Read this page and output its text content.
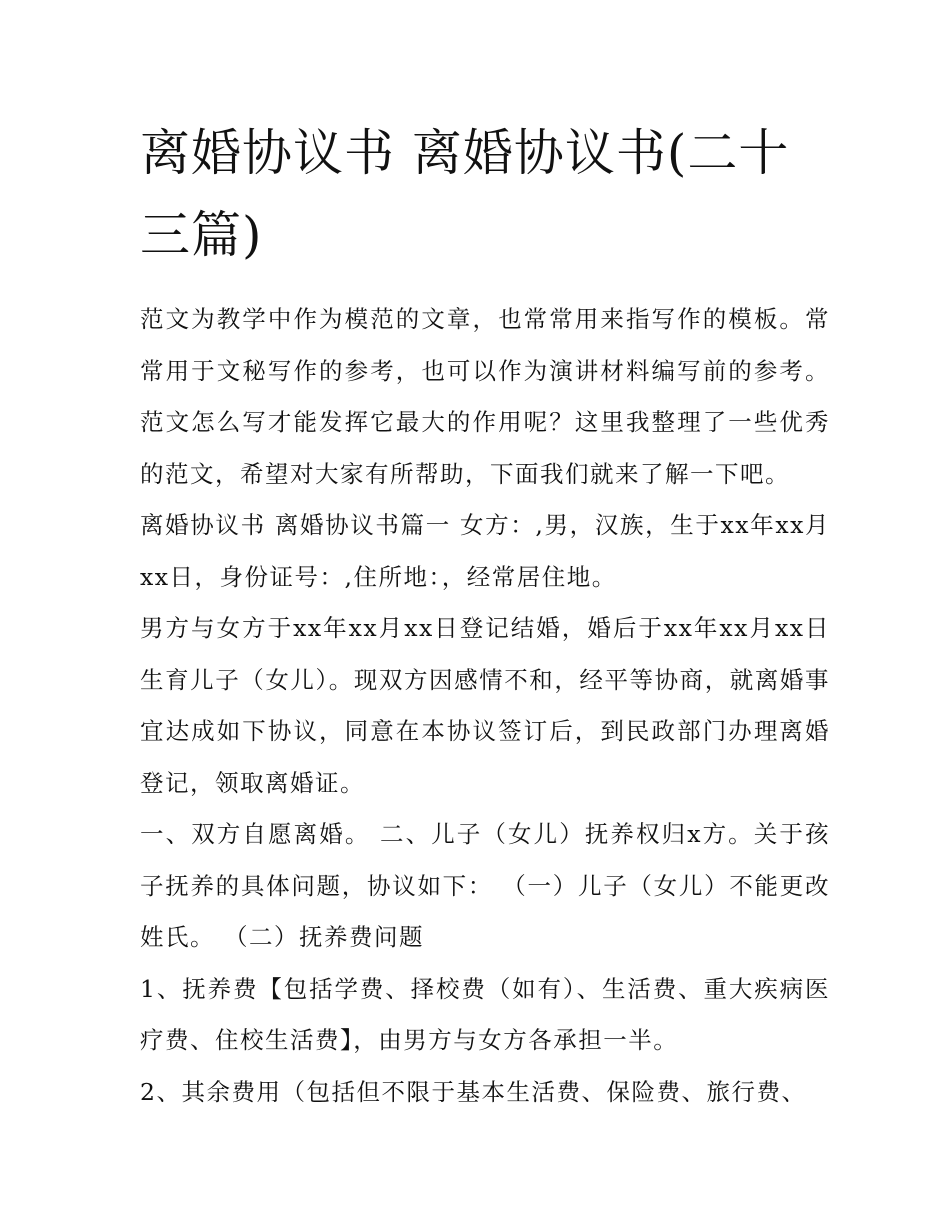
离婚协议书 离婚协议书(二十三篇)

范文为教学中作为模范的文章，也常常用来指写作的模板。常常用于文秘写作的参考，也可以作为演讲材料编写前的参考。范文怎么写才能发挥它最大的作用呢？这里我整理了一些优秀的范文，希望对大家有所帮助，下面我们就来了解一下吧。

离婚协议书 离婚协议书篇一 女方：,男，汉族，生于xx年xx月xx日，身份证号：,住所地：，经常居住地。

男方与女方于xx年xx月xx日登记结婚，婚后于xx年xx月xx日生育儿子（女儿）。现双方因感情不和，经平等协商，就离婚事宜达成如下协议，同意在本协议签订后，到民政部门办理离婚登记，领取离婚证。

一、双方自愿离婚。 二、儿子（女儿）抚养权归x方。关于孩子抚养的具体问题，协议如下： （一）儿子（女儿）不能更改姓氏。 （二）抚养费问题

1、抚养费【包括学费、择校费（如有）、生活费、重大疾病医疗费、住校生活费】，由男方与女方各承担一半。

2、其余费用（包括但不限于基本生活费、保险费、旅行费、
